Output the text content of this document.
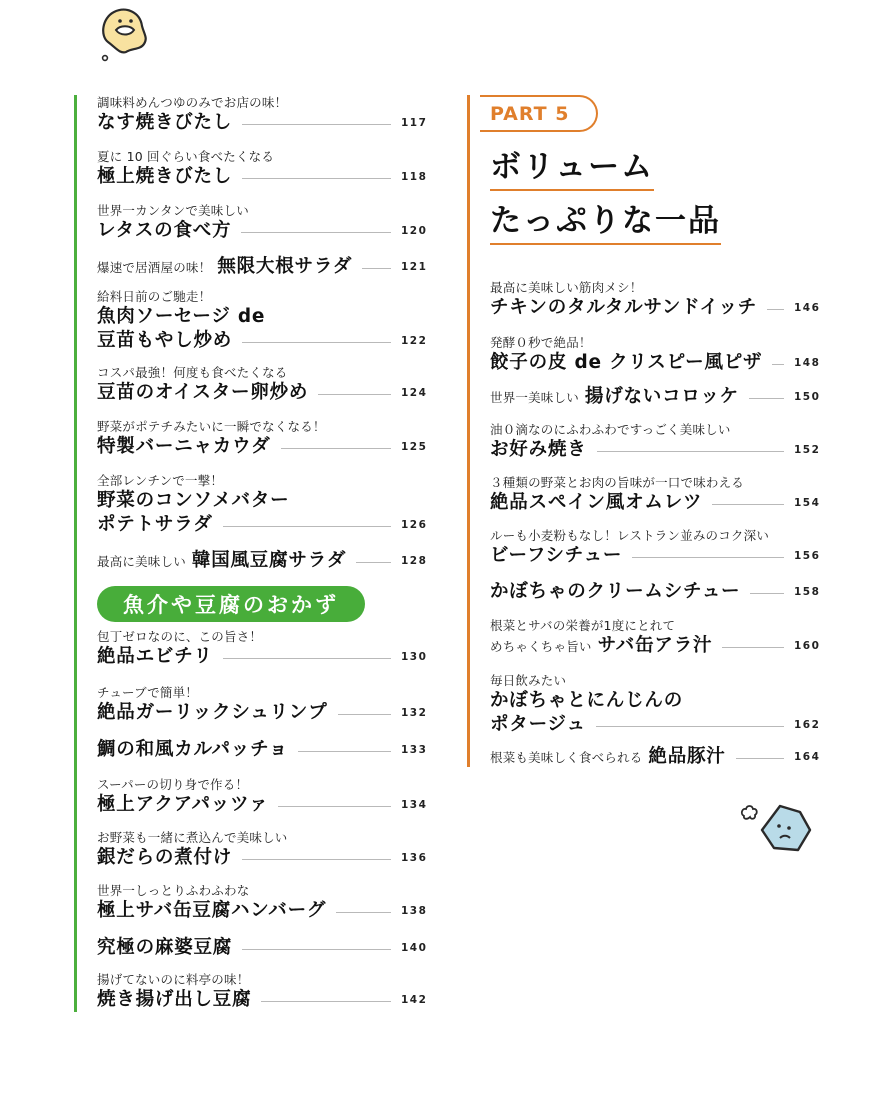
調味料めんつゆのみでお店の味！
なす焼きびたし	117
夏に 10 回ぐらい食べたくなる
極上焼きびたし	118
世界一カンタンで美味しい
レタスの食べ方	120
爆速で居酒屋の味！ 無限大根サラダ	121
給料日前のご馳走！
魚肉ソーセージ de
豆苗もやし炒め	122
コスパ最強！何度も食べたくなる
豆苗のオイスター卵炒め	124
野菜がポテチみたいに一瞬でなくなる！
特製バーニャカウダ	125
全部レンチンで一撃！
野菜のコンソメバター
ポテトサラダ	126
最高に美味しい 韓国風豆腐サラダ	128
魚介や豆腐のおかず
包丁ゼロなのに、この旨さ！
絶品エビチリ	130
チューブで簡単！
絶品ガーリックシュリンプ	132
鯛の和風カルパッチョ	133
スーパーの切り身で作る！
極上アクアパッツァ	134
お野菜も一緒に煮込んで美味しい
銀だらの煮付け	136
世界一しっとりふわふわな
極上サバ缶豆腐ハンバーグ	138
究極の麻婆豆腐	140
揚げてないのに料亭の味！
焼き揚げ出し豆腐	142
PART 5
ボリューム
たっぷりな一品
最高に美味しい筋肉メシ！
チキンのタルタルサンドイッチ	146
発酵０秒で絶品！
餃子の皮 de クリスピー風ピザ	148
世界一美味しい 揚げないコロッケ	150
油０滴なのにふわふわですっごく美味しい
お好み焼き	152
３種類の野菜とお肉の旨味が一口で味わえる
絶品スペイン風オムレツ	154
ルーも小麦粉もなし！レストラン並みのコク深い
ビーフシチュー	156
かぼちゃのクリームシチュー	158
根菜とサバの栄養が1度にとれて
めちゃくちゃ旨い サバ缶アラ汁	160
毎日飲みたい
かぼちゃとにんじんの
ポタージュ	162
根菜も美味しく食べられる 絶品豚汁	164
